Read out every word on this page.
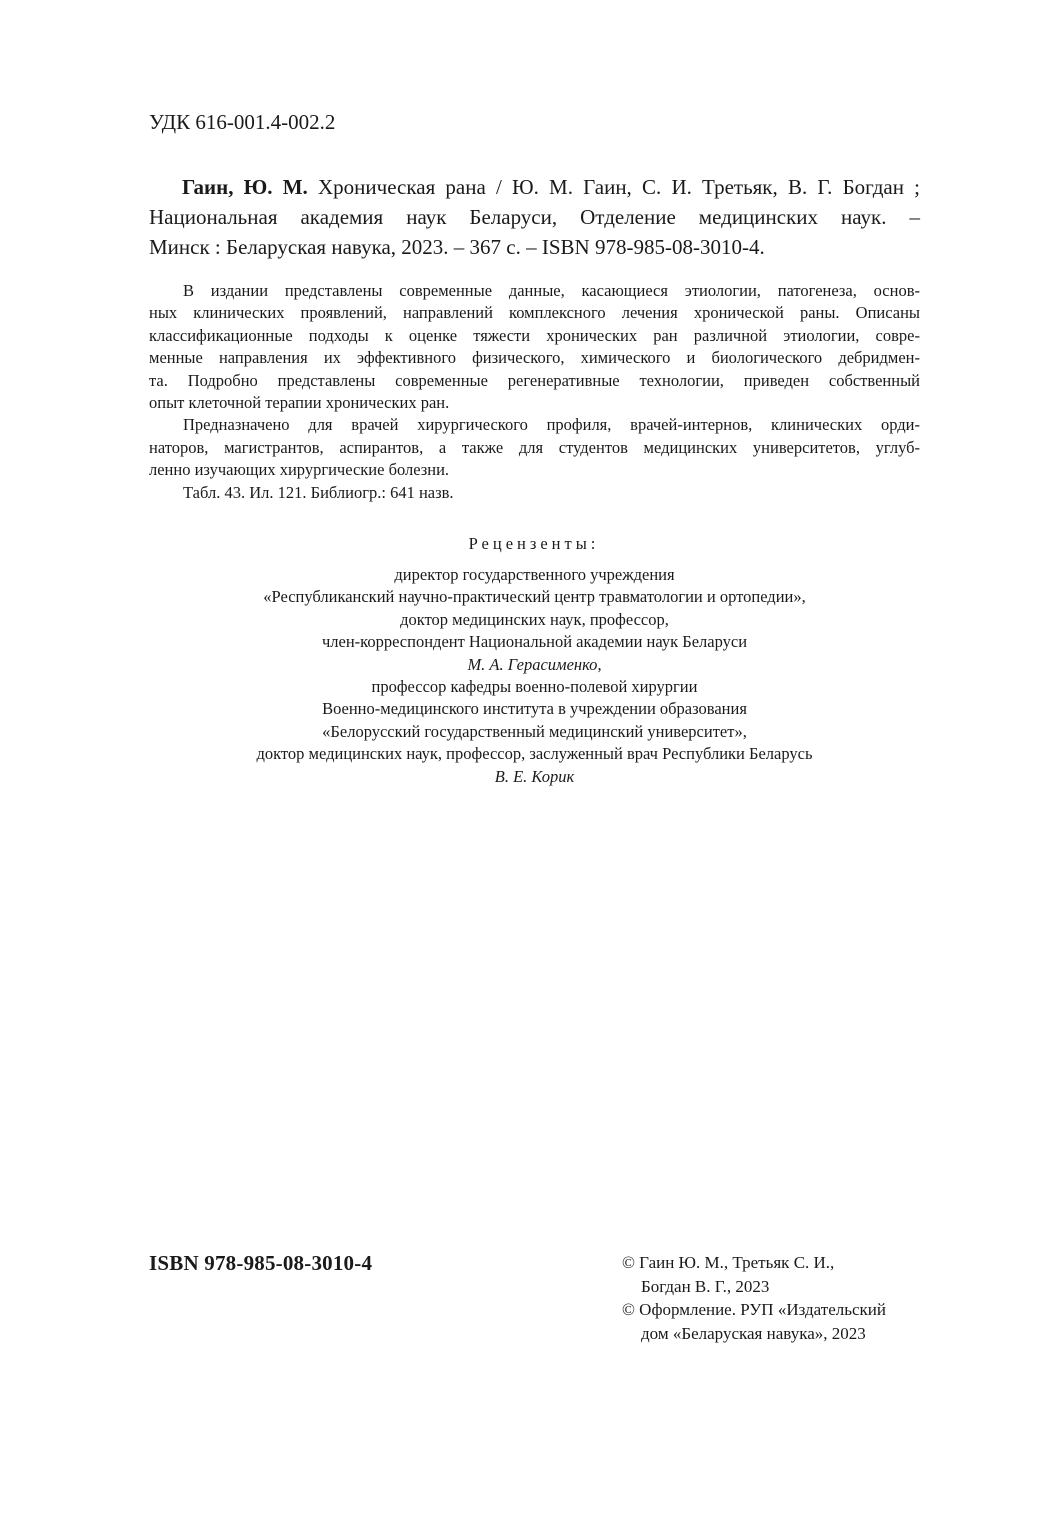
УДК 616-001.4-002.2
Гаин, Ю. М. Хроническая рана / Ю. М. Гаин, С. И. Третьяк, В. Г. Богдан ;
Национальная академия наук Беларуси, Отделение медицинских наук. –
Минск : Беларуская навука, 2023. – 367 с. – ISBN 978-985-08-3010-4.
В издании представлены современные данные, касающиеся этиологии, патогенеза, основ-
ных клинических проявлений, направлений комплексного лечения хронической раны. Описаны
классификационные подходы к оценке тяжести хронических ран различной этиологии, совре-
менные направления их эффективного физического, химического и биологического дебридмен-
та. Подробно представлены современные регенеративные технологии, приведен собственный
опыт клеточной терапии хронических ран.
Предназначено для врачей хирургического профиля, врачей-интернов, клинических орди-
наторов, магистрантов, аспирантов, а также для студентов медицинских университетов, углуб-
ленно изучающих хирургические болезни.
Табл. 43. Ил. 121. Библиогр.: 641 назв.
Рецензенты:
директор государственного учреждения
«Республиканский научно-практический центр травматологии и ортопедии»,
доктор медицинских наук, профессор,
член-корреспондент Национальной академии наук Беларуси
М. А. Герасименко,
профессор кафедры военно-полевой хирургии
Военно-медицинского института в учреждении образования
«Белорусский государственный медицинский университет»,
доктор медицинских наук, профессор, заслуженный врач Республики Беларусь
В. Е. Корик
ISBN 978-985-08-3010-4	© Гаин Ю. М., Третьяк С. И.,
Богдан В. Г., 2023
© Оформление. РУП «Издательский
дом «Беларуская навука», 2023
